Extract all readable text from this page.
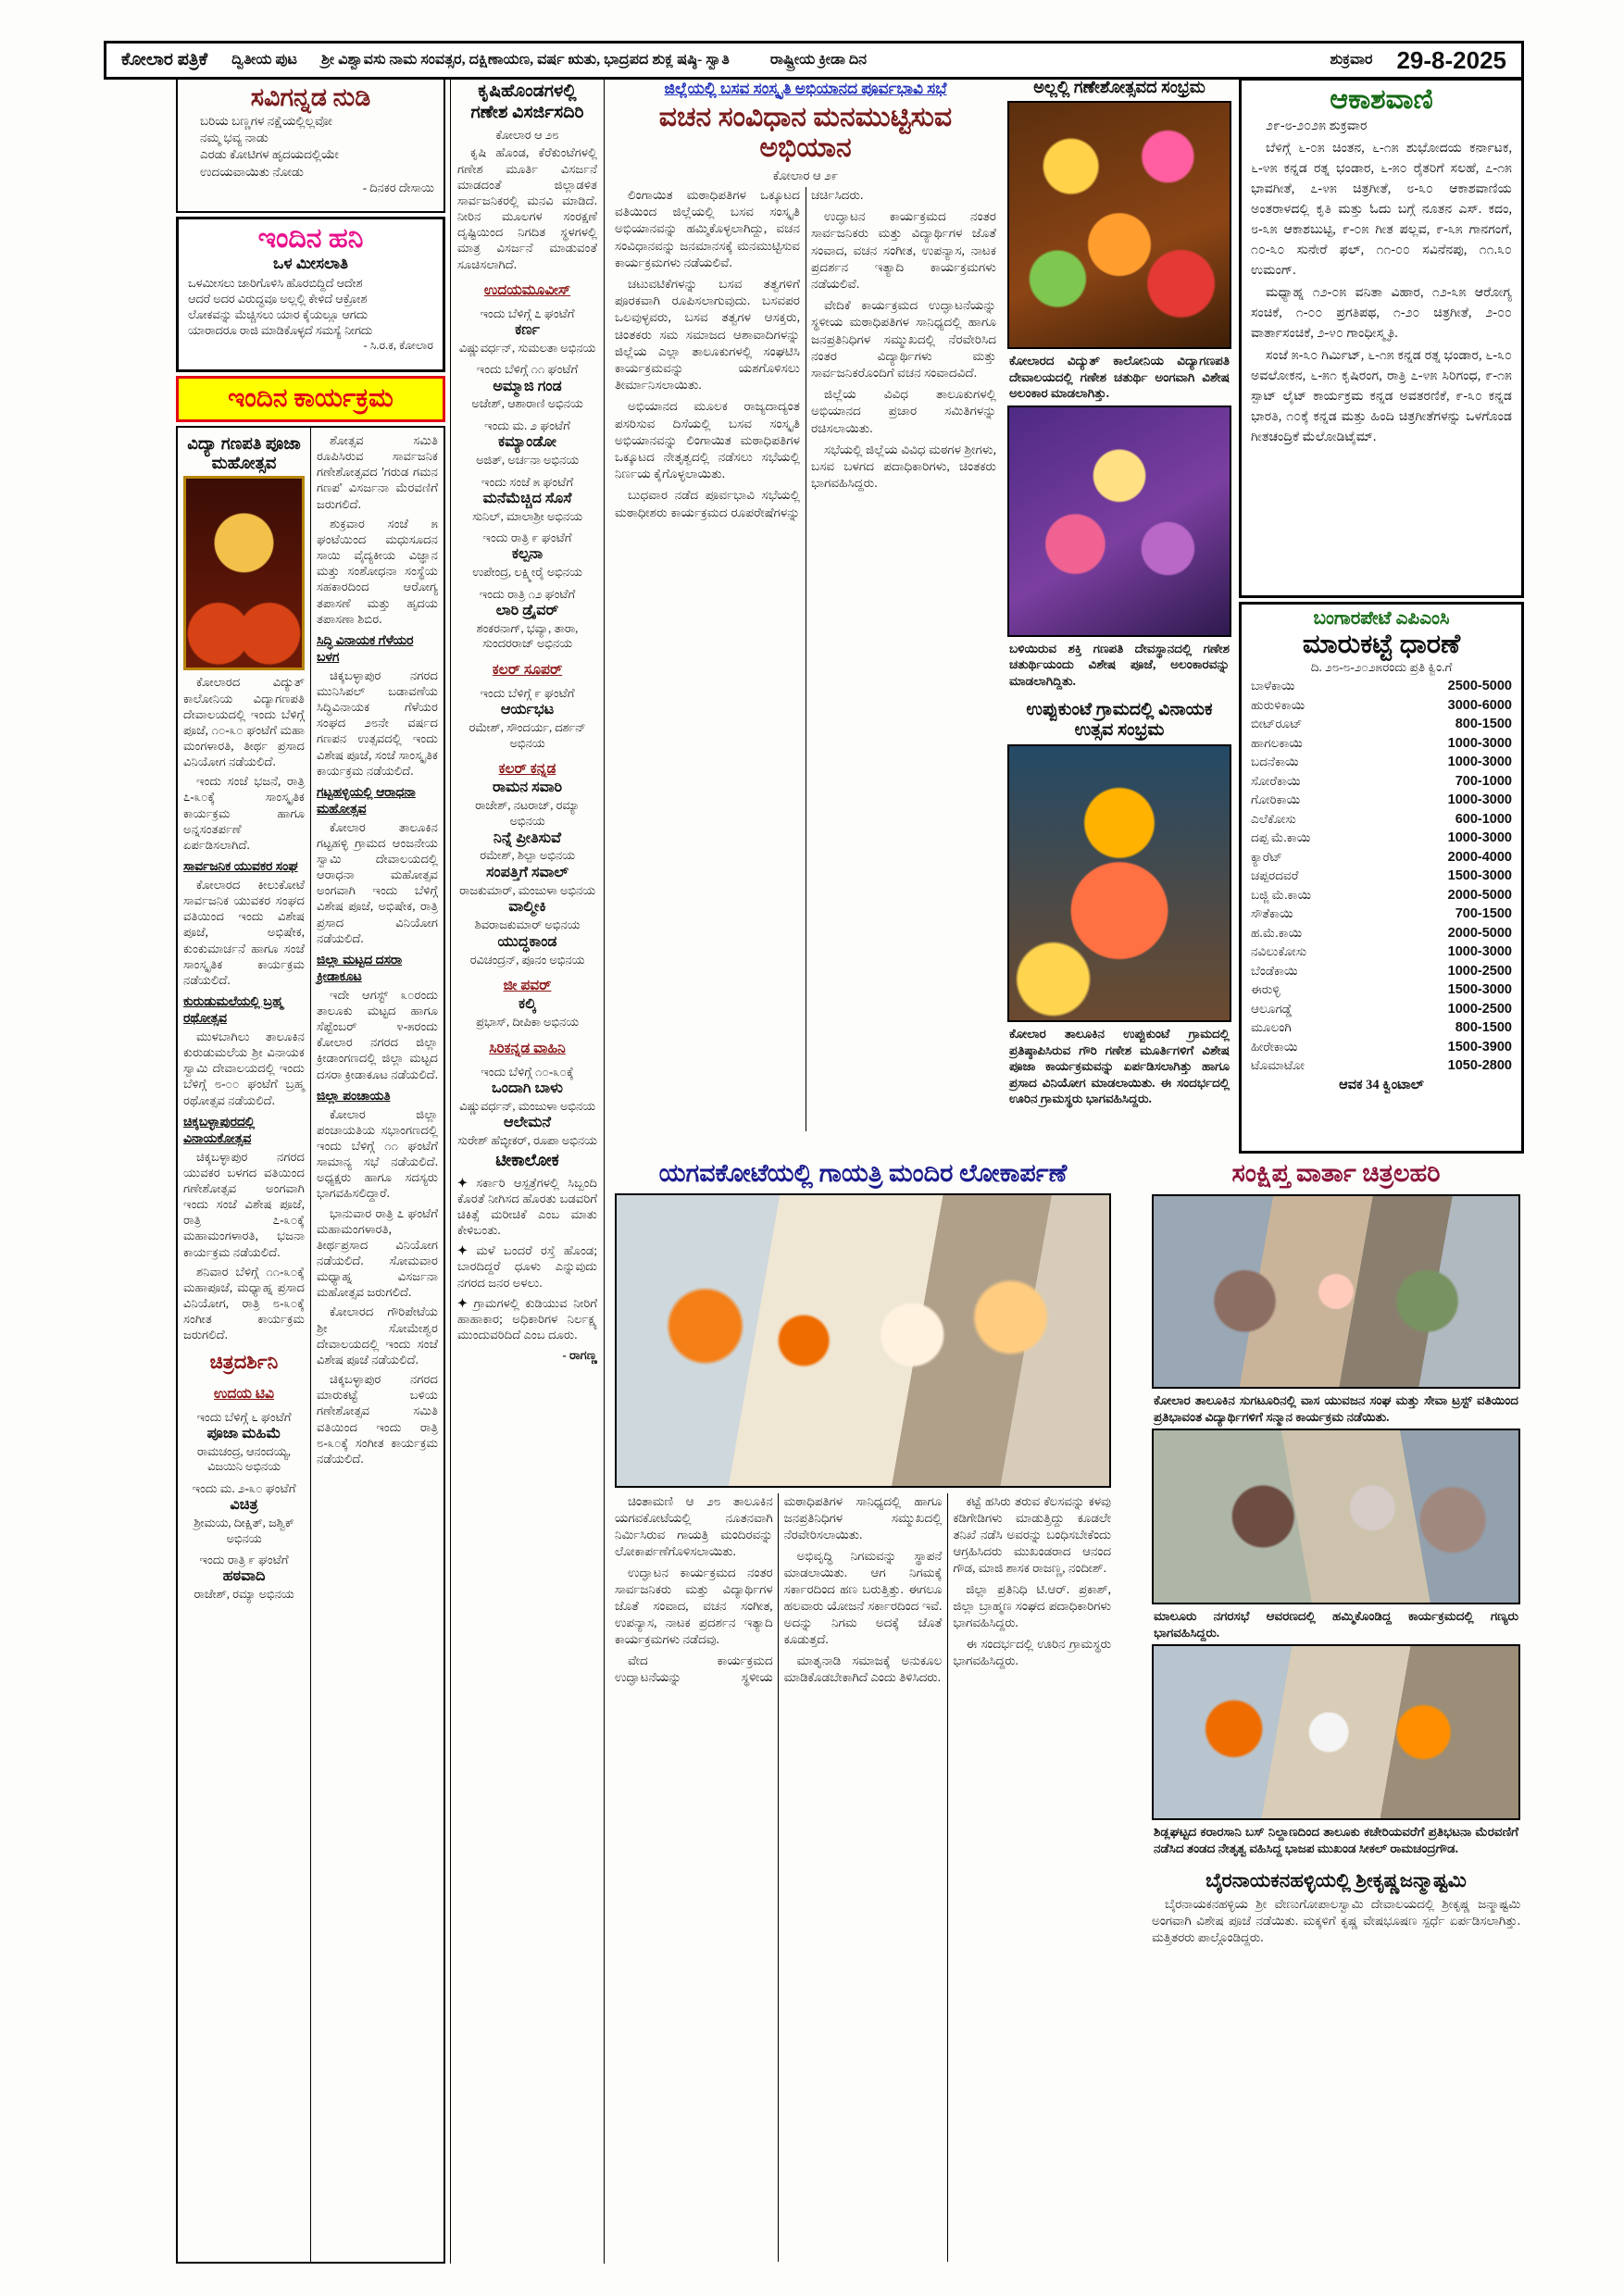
ಕೋಲಾರ ಪತ್ರಿಕೆ ದ್ವಿತೀಯ ಪುಟ ಶ್ರೀ ವಿಶ್ವಾವಸು ನಾಮ ಸಂವತ್ಸರ, ದಕ್ಷಿಣಾಯಣ, ವರ್ಷ ಋತು, ಭಾದ್ರಪದ ಶುಕ್ಲ ಷಷ್ಠಿ- ಸ್ವಾತಿ	ರಾಷ್ಟ್ರೀಯ ಕ್ರೀಡಾ ದಿನ	ಶುಕ್ರವಾರ 29-8-2025
ಸವಿಗನ್ನಡ ನುಡಿ
ಬರಿಯ ಬಣ್ಣಗಳ ನಕ್ಷೆಯಲ್ಲಿಲ್ಲವೋ
ನಮ್ಮ ಭವ್ಯ ನಾಡು
ಎರಡು ಕೋಟಿಗಳ ಹೃದಯದಲ್ಲಿಯೇ
ಉದಯವಾಯಿತು ನೋಡು
- ದಿನಕರ ದೇಸಾಯಿ
ಇಂದಿನ ಹನಿ
ಒಳ ಮೀಸಲಾತಿ
ಒಳಮೀಸಲು ಜಾರಿಗೊಳಿಸಿ ಹೊರಬಿದ್ದಿದೆ ಆದೇಶ
ಆದರೆ ಅದರ ವಿರುದ್ಧವೂ ಅಲ್ಲಲ್ಲಿ ಕೇಳಿದೆ ಆಕ್ರೋಶ
ಲೋಕವನ್ನು ಮೆಚ್ಚಿಸಲು ಯಾರ ಕೈಯಲ್ಲೂ ಆಗದು
ಯಾರಾದರೂ ರಾಜಿ ಮಾಡಿಕೊಳ್ಳದೆ ಸಮಸ್ಯೆ ನೀಗದು
- ಸಿ.ರ.ಕ, ಕೋಲಾರ
ಇಂದಿನ ಕಾರ್ಯಕ್ರಮ
ವಿದ್ಯಾ ಗಣಪತಿ ಪೂಜಾ ಮಹೋತ್ಸವ
ಕೋಲಾರದ ವಿದ್ಯುತ್ ಕಾಲೋನಿಯ ವಿದ್ಯಾಗಣಪತಿ ದೇವಾಲಯದಲ್ಲಿ ಇಂದು ಬೆಳಿಗ್ಗೆ ಪೂಜೆ, ೧೦-೩೦ ಘಂಟೆಗೆ ಮಹಾ ಮಂಗಳಾರತಿ, ತೀರ್ಥ ಪ್ರಸಾದ ವಿನಿಯೋಗ ನಡೆಯಲಿದೆ.
ಇಂದು ಸಂಜೆ ಭಜನೆ, ರಾತ್ರಿ ೭-೩೦ಕ್ಕೆ ಸಾಂಸ್ಕೃತಿಕ ಕಾರ್ಯಕ್ರಮ ಹಾಗೂ ಅನ್ನಸಂತರ್ಪಣೆ ಏರ್ಪಡಿಸಲಾಗಿದೆ.
ಸಾರ್ವಜನಿಕ ಯುವಕರ ಸಂಘ
ಕೋಲಾರದ ಕೀಲುಕೋಟೆ ಸಾರ್ವಜನಿಕ ಯುವಕರ ಸಂಘದ ವತಿಯಿಂದ ಇಂದು ವಿಶೇಷ ಪೂಜೆ, ಅಭಿಷೇಕ, ಕುಂಕುಮಾರ್ಚನೆ ಹಾಗೂ ಸಂಜೆ ಸಾಂಸ್ಕೃತಿಕ ಕಾರ್ಯಕ್ರಮ ನಡೆಯಲಿದೆ.
ಕುರುಡುಮಲೆಯಲ್ಲಿ ಬ್ರಹ್ಮ ರಥೋತ್ಸವ
ಮುಳಬಾಗಿಲು ತಾಲೂಕಿನ ಕುರುಡುಮಲೆಯ ಶ್ರೀ ವಿನಾಯಕ ಸ್ವಾಮಿ ದೇವಾಲಯದಲ್ಲಿ ಇಂದು ಬೆಳಿಗ್ಗೆ ೮-೦೦ ಘಂಟೆಗೆ ಬ್ರಹ್ಮ ರಥೋತ್ಸವ ನಡೆಯಲಿದೆ.
ಚಿಕ್ಕಬಳ್ಳಾಪುರದಲ್ಲಿ ವಿನಾಯಕೋತ್ಸವ
ಚಿಕ್ಕಬಳ್ಳಾಪುರ ನಗರದ ಯುವಕರ ಬಳಗದ ವತಿಯಿಂದ ಗಣೇಶೋತ್ಸವ ಅಂಗವಾಗಿ ಇಂದು ಸಂಜೆ ವಿಶೇಷ ಪೂಜೆ, ರಾತ್ರಿ ೭-೩೦ಕ್ಕೆ ಮಹಾಮಂಗಳಾರತಿ, ಭಜನಾ ಕಾರ್ಯಕ್ರಮ ನಡೆಯಲಿದೆ.
ಶನಿವಾರ ಬೆಳಿಗ್ಗೆ ೧೧-೩೦ಕ್ಕೆ ಮಹಾಪೂಜೆ, ಮಧ್ಯಾಹ್ನ ಪ್ರಸಾದ ವಿನಿಯೋಗ, ರಾತ್ರಿ ೮-೩೦ಕ್ಕೆ ಸಂಗೀತ ಕಾರ್ಯಕ್ರಮ ಜರುಗಲಿದೆ.
ಚಿತ್ರದರ್ಶಿನಿ
ಉದಯ ಟಿವಿ
ಇಂದು ಬೆಳಿಗ್ಗೆ ೬ ಘಂಟೆಗೆ
ಪೂಜಾ ಮಹಿಮೆ
ರಾಮಚಂದ್ರ, ಆನಂದಯ್ಯ, ವಿಜಯಿನಿ ಅಭಿನಯ
ಇಂದು ಮ. ೨-೩೦ ಘಂಟೆಗೆ
ವಿಚಿತ್ರ
ಶ್ರೀಮಯ, ದೀಕ್ಷಿತ್, ಜಶ್ವಿಕ್ ಅಭಿನಯ
ಇಂದು ರಾತ್ರಿ ೯ ಘಂಟೆಗೆ
ಹಠವಾದಿ
ರಾಜೇಶ್, ರಮ್ಯಾ ಅಭಿನಯ
ಶೋತ್ಸವ ಸಮಿತಿ ರೂಪಿಸಿರುವ ಸಾರ್ವಜನಿಕ ಗಣೇಶೋತ್ಸವದ 'ಗರುಡ ಗಮನ ಗಣಪ' ವಿಸರ್ಜನಾ ಮೆರವಣಿಗೆ ಜರುಗಲಿದೆ.
ಶುಕ್ರವಾರ ಸಂಜೆ ೫ ಘಂಟೆಯಿಂದ ಮಧುಸೂದನ ಸಾಯಿ ವೈದ್ಯಕೀಯ ವಿಜ್ಞಾನ ಮತ್ತು ಸಂಶೋಧನಾ ಸಂಸ್ಥೆಯ ಸಹಕಾರದಿಂದ ಆರೋಗ್ಯ ತಪಾಸಣೆ ಮತ್ತು ಹೃದಯ ತಪಾಸಣಾ ಶಿಬಿರ.
ಸಿದ್ಧಿ ವಿನಾಯಕ ಗೆಳೆಯರ ಬಳಗ
ಚಿಕ್ಕಬಳ್ಳಾಪುರ ನಗರದ ಮುನಿಸಿಪಲ್ ಬಡಾವಣೆಯ ಸಿದ್ಧಿವಿನಾಯಕ ಗೆಳೆಯರ ಸಂಘದ ೨೮ನೇ ವರ್ಷದ ಗಣಪನ ಉತ್ಸವದಲ್ಲಿ ಇಂದು ವಿಶೇಷ ಪೂಜೆ, ಸಂಜೆ ಸಾಂಸ್ಕೃತಿಕ ಕಾರ್ಯಕ್ರಮ ನಡೆಯಲಿದೆ.
ಗಟ್ಟಹಳ್ಳಿಯಲ್ಲಿ ಆರಾಧನಾ ಮಹೋತ್ಸವ
ಕೋಲಾರ ತಾಲೂಕಿನ ಗಟ್ಟಹಳ್ಳಿ ಗ್ರಾಮದ ಆಂಜನೇಯ ಸ್ವಾಮಿ ದೇವಾಲಯದಲ್ಲಿ ಆರಾಧನಾ ಮಹೋತ್ಸವ ಅಂಗವಾಗಿ ಇಂದು ಬೆಳಿಗ್ಗೆ ವಿಶೇಷ ಪೂಜೆ, ಅಭಿಷೇಕ, ರಾತ್ರಿ ಪ್ರಸಾದ ವಿನಿಯೋಗ ನಡೆಯಲಿದೆ.
ಜಿಲ್ಲಾ ಮಟ್ಟದ ದಸರಾ ಕ್ರೀಡಾಕೂಟ
ಇದೇ ಆಗಸ್ಟ್ ೩೦ರಂದು ತಾಲೂಕು ಮಟ್ಟದ ಹಾಗೂ ಸೆಪ್ಟೆಂಬರ್ ೪-೫ರಂದು ಕೋಲಾರ ನಗರದ ಜಿಲ್ಲಾ ಕ್ರೀಡಾಂಗಣದಲ್ಲಿ ಜಿಲ್ಲಾ ಮಟ್ಟದ ದಸರಾ ಕ್ರೀಡಾಕೂಟ ನಡೆಯಲಿದೆ.
ಜಿಲ್ಲಾ ಪಂಚಾಯತಿ
ಕೋಲಾರ ಜಿಲ್ಲಾ ಪಂಚಾಯತಿಯ ಸಭಾಂಗಣದಲ್ಲಿ ಇಂದು ಬೆಳಿಗ್ಗೆ ೧೧ ಘಂಟೆಗೆ ಸಾಮಾನ್ಯ ಸಭೆ ನಡೆಯಲಿದೆ. ಅಧ್ಯಕ್ಷರು ಹಾಗೂ ಸದಸ್ಯರು ಭಾಗವಹಿಸಲಿದ್ದಾರೆ.
ಭಾನುವಾರ ರಾತ್ರಿ ೭ ಘಂಟೆಗೆ ಮಹಾಮಂಗಳಾರತಿ, ತೀರ್ಥಪ್ರಸಾದ ವಿನಿಯೋಗ ನಡೆಯಲಿದೆ. ಸೋಮವಾರ ಮಧ್ಯಾಹ್ನ ವಿಸರ್ಜನಾ ಮಹೋತ್ಸವ ಜರುಗಲಿದೆ.
ಕೋಲಾರದ ಗೌರಿಪೇಟೆಯ ಶ್ರೀ ಸೋಮೇಶ್ವರ ದೇವಾಲಯದಲ್ಲಿ ಇಂದು ಸಂಜೆ ವಿಶೇಷ ಪೂಜೆ ನಡೆಯಲಿದೆ.
ಚಿಕ್ಕಬಳ್ಳಾಪುರ ನಗರದ ಮಾರುಕಟ್ಟೆ ಬಳಿಯ ಗಣೇಶೋತ್ಸವ ಸಮಿತಿ ವತಿಯಿಂದ ಇಂದು ರಾತ್ರಿ ೮-೩೦ಕ್ಕೆ ಸಂಗೀತ ಕಾರ್ಯಕ್ರಮ ನಡೆಯಲಿದೆ.
ಕೃಷಿಹೊಂಡಗಳಲ್ಲಿ ಗಣೇಶ ವಿಸರ್ಜಿಸದಿರಿ
ಕೋಲಾರ ಆ ೨೮
ಕೃಷಿ ಹೊಂಡ, ಕೆರೆಕುಂಟೆಗಳಲ್ಲಿ ಗಣೇಶ ಮೂರ್ತಿ ವಿಸರ್ಜನೆ ಮಾಡದಂತೆ ಜಿಲ್ಲಾಡಳಿತ ಸಾರ್ವಜನಿಕರಲ್ಲಿ ಮನವಿ ಮಾಡಿದೆ. ನೀರಿನ ಮೂಲಗಳ ಸಂರಕ್ಷಣೆ ದೃಷ್ಟಿಯಿಂದ ನಿಗದಿತ ಸ್ಥಳಗಳಲ್ಲಿ ಮಾತ್ರ ವಿಸರ್ಜನೆ ಮಾಡುವಂತೆ ಸೂಚಿಸಲಾಗಿದೆ.
ಉದಯಮೂವೀಸ್
ಇಂದು ಬೆಳಿಗ್ಗೆ ೭ ಘಂಟೆಗೆ
ಕರ್ಣ
ವಿಷ್ಣುವರ್ಧನ್, ಸುಮಲತಾ ಅಭಿನಯ
ಇಂದು ಬೆಳಿಗ್ಗೆ ೧೧ ಘಂಟೆಗೆ
ಅಮ್ಮಾಜಿ ಗಂಡ
ಅಜೇಶ್, ಆಶಾರಾಣಿ ಅಭಿನಯ
ಇಂದು ಮ. ೨ ಘಂಟೆಗೆ
ಕಮ್ಯಾಂಡೋ
ಅಜಿತ್, ಅರ್ಚನಾ ಅಭಿನಯ
ಇಂದು ಸಂಜೆ ೫ ಘಂಟೆಗೆ
ಮನೆಮೆಚ್ಚಿದ ಸೊಸೆ
ಸುನಿಲ್, ಮಾಲಾಶ್ರೀ ಅಭಿನಯ
ಇಂದು ರಾತ್ರಿ ೯ ಘಂಟೆಗೆ
ಕಲ್ಪನಾ
ಉಪೇಂದ್ರ, ಲಕ್ಷ್ಮೀರೈ ಅಭಿನಯ
ಇಂದು ರಾತ್ರಿ ೧೨ ಘಂಟೆಗೆ
ಲಾರಿ ಡ್ರೈವರ್
ಶಂಕರನಾಗ್, ಭವ್ಯಾ, ತಾರಾ, ಸುಂದರರಾಜ್ ಅಭಿನಯ
ಕಲರ್ ಸೂಪರ್
ಇಂದು ಬೆಳಿಗ್ಗೆ ೯ ಘಂಟೆಗೆ
ಆರ್ಯಭಟ
ರಮೇಶ್, ಸೌಂದರ್ಯ, ದರ್ಶನ್ ಅಭಿನಯ
ಕಲರ್ ಕನ್ನಡ
ರಾಮನ ಸವಾರಿ
ರಾಜೇಶ್, ನಟರಾಜ್, ರಮ್ಯಾ ಅಭಿನಯ
ನಿನ್ನೆ ಪ್ರೀತಿಸುವೆ
ರಮೇಶ್, ಶಿಲ್ಪಾ ಅಭಿನಯ
ಸಂಪತ್ತಿಗೆ ಸವಾಲ್
ರಾಜಕುಮಾರ್, ಮಂಜುಳಾ ಅಭಿನಯ
ವಾಲ್ಮೀಕಿ
ಶಿವರಾಜಕುಮಾರ್ ಅಭಿನಯ
ಯುದ್ಧಕಾಂಡ
ರವಿಚಂದ್ರನ್, ಪೂನಂ ಅಭಿನಯ
ಜೀ ಪವರ್
ಕಲ್ಕಿ
ಪ್ರಭಾಸ್, ದೀಪಿಕಾ ಅಭಿನಯ
ಸಿರಿಕನ್ನಡ ವಾಹಿನಿ
ಇಂದು ಬೆಳಿಗ್ಗೆ ೧೦-೩೦ಕ್ಕೆ
ಒಂದಾಗಿ ಬಾಳು
ವಿಷ್ಣುವರ್ಧನ್, ಮಂಜುಳಾ ಅಭಿನಯ
ಆಲೇಮನೆ
ಸುರೇಶ್ ಹೆಬ್ಳೀಕರ್, ರೂಪಾ ಅಭಿನಯ
ಟೀಕಾಲೋಕ
✦ ಸರ್ಕಾರಿ ಆಸ್ಪತ್ರೆಗಳಲ್ಲಿ ಸಿಬ್ಬಂದಿ ಕೊರತೆ ನೀಗಿಸದ ಹೊರತು ಬಡವರಿಗೆ ಚಿಕಿತ್ಸೆ ಮರೀಚಿಕೆ ಎಂಬ ಮಾತು ಕೇಳಿಬಂತು.
✦ ಮಳೆ ಬಂದರೆ ರಸ್ತೆ ಹೊಂಡ; ಬಾರದಿದ್ದರೆ ಧೂಳು ಎನ್ನುವುದು ನಗರದ ಜನರ ಅಳಲು.
✦ ಗ್ರಾಮಗಳಲ್ಲಿ ಕುಡಿಯುವ ನೀರಿಗೆ ಹಾಹಾಕಾರ; ಅಧಿಕಾರಿಗಳ ನಿರ್ಲಕ್ಷ್ಯ ಮುಂದುವರಿದಿದೆ ಎಂಬ ದೂರು.
- ರಾಗಣ್ಣ
ಜಿಲ್ಲೆಯಲ್ಲಿ ಬಸವ ಸಂಸ್ಕೃತಿ ಅಭಿಯಾನದ ಪೂರ್ವಭಾವಿ ಸಭೆ
ವಚನ ಸಂವಿಧಾನ ಮನಮುಟ್ಟಿಸುವ ಅಭಿಯಾನ
ಕೋಲಾರ ಆ ೨೯

ಲಿಂಗಾಯಿತ ಮಠಾಧಿಪತಿಗಳ ಒಕ್ಕೂಟದ ವತಿಯಿಂದ ಜಿಲ್ಲೆಯಲ್ಲಿ ಬಸವ ಸಂಸ್ಕೃತಿ ಅಭಿಯಾನವನ್ನು ಹಮ್ಮಿಕೊಳ್ಳಲಾಗಿದ್ದು, ವಚನ ಸಂವಿಧಾನವನ್ನು ಜನಮಾನಸಕ್ಕೆ ಮನಮುಟ್ಟಿಸುವ ಕಾರ್ಯಕ್ರಮಗಳು ನಡೆಯಲಿವೆ.

ಚಟುವಟಿಕೆಗಳನ್ನು ಬಸವ ತತ್ವಗಳಿಗೆ ಪೂರಕವಾಗಿ ರೂಪಿಸಲಾಗುವುದು. ಬಸವಪರ ಒಲವುಳ್ಳವರು, ಬಸವ ತತ್ವಗಳ ಆಸಕ್ತರು, ಚಿಂತಕರು ಸಮ ಸಮಾಜದ ಆಶಾವಾದಿಗಳನ್ನು ಜಿಲ್ಲೆಯ ಎಲ್ಲಾ ತಾಲೂಕುಗಳಲ್ಲಿ ಸಂಘಟಿಸಿ ಕಾರ್ಯಕ್ರಮವನ್ನು ಯಶಗೊಳಿಸಲು ತೀರ್ಮಾನಿಸಲಾಯಿತು.

ಅಭಿಯಾನದ ಮೂಲಕ ರಾಜ್ಯದಾದ್ಯಂತ ಪಸರಿಸುವ ದಿಸೆಯಲ್ಲಿ ಬಸವ ಸಂಸ್ಕೃತಿ ಅಭಿಯಾನವನ್ನು ಲಿಂಗಾಯಿತ ಮಠಾಧಿಪತಿಗಳ ಒಕ್ಕೂಟದ ನೇತೃತ್ವದಲ್ಲಿ ನಡೆಸಲು ಸಭೆಯಲ್ಲಿ ನಿರ್ಣಯ ಕೈಗೊಳ್ಳಲಾಯಿತು.

ಬುಧವಾರ ನಡೆದ ಪೂರ್ವಭಾವಿ ಸಭೆಯಲ್ಲಿ ಮಠಾಧೀಶರು ಕಾರ್ಯಕ್ರಮದ ರೂಪರೇಷೆಗಳನ್ನು ಚರ್ಚಿಸಿದರು.

ಉದ್ಘಾಟನ ಕಾರ್ಯಕ್ರಮದ ನಂತರ ಸಾರ್ವಜನಿಕರು ಮತ್ತು ವಿದ್ಯಾರ್ಥಿಗಳ ಜೊತೆ ಸಂವಾದ, ವಚನ ಸಂಗೀತ, ಉಪನ್ಯಾಸ, ನಾಟಕ ಪ್ರದರ್ಶನ ಇತ್ಯಾದಿ ಕಾರ್ಯಕ್ರಮಗಳು ನಡೆಯಲಿವೆ.

ವೇದಿಕೆ ಕಾರ್ಯಕ್ರಮದ ಉದ್ಘಾಟನೆಯನ್ನು ಸ್ಥಳೀಯ ಮಠಾಧಿಪತಿಗಳ ಸಾನಿಧ್ಯದಲ್ಲಿ ಹಾಗೂ ಜನಪ್ರತಿನಿಧಿಗಳ ಸಮ್ಮುಖದಲ್ಲಿ ನೆರವೇರಿಸಿದ ನಂತರ ವಿದ್ಯಾರ್ಥಿಗಳು ಮತ್ತು ಸಾರ್ವಜನಿಕರೊಂದಿಗೆ ವಚನ ಸಂವಾದವಿದೆ.

ಜಿಲ್ಲೆಯ ವಿವಿಧ ತಾಲೂಕುಗಳಲ್ಲಿ ಅಭಿಯಾನದ ಪ್ರಚಾರ ಸಮಿತಿಗಳನ್ನು ರಚಿಸಲಾಯಿತು.

ಸಭೆಯಲ್ಲಿ ಜಿಲ್ಲೆಯ ವಿವಿಧ ಮಠಗಳ ಶ್ರೀಗಳು, ಬಸವ ಬಳಗದ ಪದಾಧಿಕಾರಿಗಳು, ಚಿಂತಕರು ಭಾಗವಹಿಸಿದ್ದರು.

ಅಲ್ಲಲ್ಲಿ ಗಣೇಶೋತ್ಸವದ ಸಂಭ್ರಮ
ಕೋಲಾರದ ವಿದ್ಯುತ್ ಕಾಲೋನಿಯ ವಿದ್ಯಾಗಣಪತಿ ದೇವಾಲಯದಲ್ಲಿ ಗಣೇಶ ಚತುರ್ಥಿ ಅಂಗವಾಗಿ ವಿಶೇಷ ಅಲಂಕಾರ ಮಾಡಲಾಗಿತ್ತು.
ಬಳಿಯಿರುವ ಶಕ್ತಿ ಗಣಪತಿ ದೇವಸ್ಥಾನದಲ್ಲಿ ಗಣೇಶ ಚತುರ್ಥಿಯಂದು ವಿಶೇಷ ಪೂಜೆ, ಅಲಂಕಾರವನ್ನು ಮಾಡಲಾಗಿದ್ದಿತು.
ಉಪ್ಪುಕುಂಟೆ ಗ್ರಾಮದಲ್ಲಿ ವಿನಾಯಕ ಉತ್ಸವ ಸಂಭ್ರಮ
ಕೋಲಾರ ತಾಲೂಕಿನ ಉಪ್ಪುಕುಂಟೆ ಗ್ರಾಮದಲ್ಲಿ ಪ್ರತಿಷ್ಠಾಪಿಸಿರುವ ಗೌರಿ ಗಣೇಶ ಮೂರ್ತಿಗಳಿಗೆ ವಿಶೇಷ ಪೂಜಾ ಕಾರ್ಯಕ್ರಮವನ್ನು ಏರ್ಪಡಿಸಲಾಗಿತ್ತು ಹಾಗೂ ಪ್ರಸಾದ ವಿನಿಯೋಗ ಮಾಡಲಾಯಿತು. ಈ ಸಂದರ್ಭದಲ್ಲಿ ಊರಿನ ಗ್ರಾಮಸ್ಥರು ಭಾಗವಹಿಸಿದ್ದರು.
ಆಕಾಶವಾಣಿ

೨೯-೮-೨೦೨೫ ಶುಕ್ರವಾರ

ಬೆಳಿಗ್ಗೆ ೬-೦೫ ಚಿಂತನ, ೬-೧೫ ಶುಭೋದಯ ಕರ್ನಾಟಕ, ೬-೪೫ ಕನ್ನಡ ರತ್ನ ಭಂಡಾರ, ೬-೫೦ ರೈತರಿಗೆ ಸಲಹೆ, ೭-೧೫ ಭಾವಗೀತೆ, ೭-೪೫ ಚಿತ್ರಗೀತೆ, ೮-೩೦ ಆಕಾಶವಾಣಿಯ ಅಂತರಾಳದಲ್ಲಿ ಕೃತಿ ಮತ್ತು ಓದು ಬಗ್ಗೆ ನೂತನ ಎಸ್. ಕದಂ, ೮-೩೫ ಆಕಾಶಬುಟ್ಟಿ, ೯-೦೫ ಗೀತ ಪಲ್ಲವ, ೯-೩೫ ಗಾನಗಂಗೆ, ೧೦-೩೦ ಸುನೇರೆ ಫಲ್, ೧೧-೦೦ ಸವಿನೆನಪು, ೧೧.೩೦ ಉಮಂಗ್.

ಮಧ್ಯಾಹ್ನ ೧೨-೦೫ ವನಿತಾ ವಿಹಾರ, ೧೨-೩೫ ಆರೋಗ್ಯ ಸಂಚಿಕೆ, ೧-೦೦ ಪ್ರಗತಿಪಥ, ೧-೨೦ ಚಿತ್ರಗೀತೆ, ೨-೦೦ ವಾರ್ತಾಸಂಚಿಕೆ, ೨-೪೦ ಗಾಂಧೀಸ್ಮೃತಿ.

ಸಂಜೆ ೫-೩೦ ಗಿರ್ಮಿಟ್, ೬-೧೫ ಕನ್ನಡ ರತ್ನ ಭಂಡಾರ, ೬-೩೦ ಅವಲೋಕನ, ೬-೫೧ ಕೃಷಿರಂಗ, ರಾತ್ರಿ ೭-೪೫ ಸಿರಿಗಂಧ, ೯-೧೫ ಸ್ಪಾಟ್ ಲೈಟ್ ಕಾರ್ಯಕ್ರಮ ಕನ್ನಡ ಅವತರಣಿಕೆ, ೯-೩೦ ಕನ್ನಡ ಭಾರತಿ, ೧೦ಕ್ಕೆ ಕನ್ನಡ ಮತ್ತು ಹಿಂದಿ ಚಿತ್ರಗೀತೆಗಳನ್ನು ಒಳಗೊಂಡ ಗೀತಚಂದ್ರಿಕೆ ಮೆಲೋಡಿಟೈಮ್.

ಬಂಗಾರಪೇಟೆ ಎಪಿಎಂಸಿ
ಮಾರುಕಟ್ಟೆ ಧಾರಣೆ
ದಿ. ೨೮-೮-೨೦೨೫ರಂದು ಪ್ರತಿ ಕ್ವಿಂ.ಗೆ
ಬಾಳೆಕಾಯಿ	2500-5000
ಹುರುಳಿಕಾಯಿ	3000-6000
ಬೀಟ್‌ರೂಟ್	800-1500
ಹಾಗಲಕಾಯಿ	1000-3000
ಬದನೆಕಾಯಿ	1000-3000
ಸೋರೆಕಾಯಿ	700-1000
ಗೋರಿಕಾಯಿ	1000-3000
ಎಲೆಕೋಸು	600-1000
ದಪ್ಪ ಮೆ.ಕಾಯಿ	1000-3000
ಕ್ಯಾರೆಟ್	2000-4000
ಚಪ್ಪರದವರೆ	1500-3000
ಬಜ್ಜಿ ಮೆ.ಕಾಯಿ	2000-5000
ಸೌತೆಕಾಯಿ	700-1500
ಹ.ಮೆ.ಕಾಯಿ	2000-5000
ನವಿಲುಕೋಸು	1000-3000
ಬೆಂಡೆಕಾಯಿ	1000-2500
ಈರುಳ್ಳಿ	1500-3000
ಆಲೂಗಡ್ಡೆ	1000-2500
ಮೂಲಂಗಿ	800-1500
ಹೀರೇಕಾಯಿ	1500-3900
ಟೊಮಾಟೋ	1050-2800
ಆವಕ 34 ಕ್ವಿಂಟಾಲ್
ಯಗವಕೋಟೆಯಲ್ಲಿ ಗಾಯತ್ರಿ ಮಂದಿರ ಲೋಕಾರ್ಪಣೆ

ಚಿಂತಾಮಣಿ ಆ ೨೮ ತಾಲೂಕಿನ ಯಗವಕೋಟೆಯಲ್ಲಿ ನೂತನವಾಗಿ ನಿರ್ಮಿಸಿರುವ ಗಾಯತ್ರಿ ಮಂದಿರವನ್ನು ಲೋಕಾರ್ಪಣೆಗೊಳಿಸಲಾಯಿತು.

ಉದ್ಘಾಟನ ಕಾರ್ಯಕ್ರಮದ ನಂತರ ಸಾರ್ವಜನಿಕರು ಮತ್ತು ವಿದ್ಯಾರ್ಥಿಗಳ ಜೊತೆ ಸಂವಾದ, ವಚನ ಸಂಗೀತ, ಉಪನ್ಯಾಸ, ನಾಟಕ ಪ್ರದರ್ಶನ ಇತ್ಯಾದಿ ಕಾರ್ಯಕ್ರಮಗಳು ನಡೆದವು.

ವೇದ ಕಾರ್ಯಕ್ರಮದ ಉದ್ಘಾಟನೆಯನ್ನು ಸ್ಥಳೀಯ ಮಠಾಧಿಪತಿಗಳ ಸಾನಿಧ್ಯದಲ್ಲಿ ಹಾಗೂ ಜನಪ್ರತಿನಿಧಿಗಳ ಸಮ್ಮುಖದಲ್ಲಿ ನೆರವೇರಿಸಲಾಯಿತು.

ಅಭಿವೃದ್ಧಿ ನಿಗಮವನ್ನು ಸ್ಥಾಪನೆ ಮಾಡಲಾಯಿತು. ಆಗ ನಿಗಮಕ್ಕೆ ಸರ್ಕಾರದಿಂದ ಹಣ ಬರುತ್ತಿತ್ತು. ಈಗಲೂ ಹಲವಾರು ಯೋಜನೆ ಸರ್ಕಾರದಿಂದ ಇವೆ. ಅದನ್ನು ನಿಗಮ ಅದಕ್ಕೆ ಜೊತೆ ಕೂಡುತ್ತದೆ.

ಮಾತೃನಾಡಿ ಸಮಾಜಕ್ಕೆ ಅನುಕೂಲ ಮಾಡಿಕೊಡಬೇಕಾಗಿದೆ ಎಂದು ತಿಳಿಸಿದರು.

ಕಟ್ಟೆ ಹಸಿರು ತರುವ ಕೆಲಸವನ್ನು ಕಳವು ಕಡಿಗೇಡಿಗಳು ಮಾಡುತ್ತಿದ್ದು ಕೂಡಲೇ ತನಿಖೆ ನಡೆಸಿ ಅವರನ್ನು ಬಂಧಿಸಬೇಕೆಂದು ಆಗ್ರಹಿಸಿದರು ಮುಖಂಡರಾದ ಆನಂದ ಗೌಡ, ಮಾಜಿ ಶಾಸಕ ರಾಜಣ್ಣ, ನಂದೀಶ್.

ಜಿಲ್ಲಾ ಪ್ರತಿನಿಧಿ ಟಿ.ಆರ್. ಪ್ರಕಾಶ್, ಜಿಲ್ಲಾ ಬ್ರಾಹ್ಮಣ ಸಂಘದ ಪದಾಧಿಕಾರಿಗಳು ಭಾಗವಹಿಸಿದ್ದರು.

ಈ ಸಂದರ್ಭದಲ್ಲಿ ಊರಿನ ಗ್ರಾಮಸ್ಥರು ಭಾಗವಹಿಸಿದ್ದರು.

ಸಂಕ್ಷಿಪ್ತ ವಾರ್ತಾ ಚಿತ್ರಲಹರಿ
ಕೋಲಾರ ತಾಲೂಕಿನ ಸುಗಟೂರಿನಲ್ಲಿ ವಾಸ ಯುವಜನ ಸಂಘ ಮತ್ತು ಸೇವಾ ಟ್ರಸ್ಟ್ ವತಿಯಿಂದ ಪ್ರತಿಭಾವಂತ ವಿದ್ಯಾರ್ಥಿಗಳಿಗೆ ಸನ್ಮಾನ ಕಾರ್ಯಕ್ರಮ ನಡೆಯಿತು.
ಮಾಲೂರು ನಗರಸಭೆ ಆವರಣದಲ್ಲಿ ಹಮ್ಮಿಕೊಂಡಿದ್ದ ಕಾರ್ಯಕ್ರಮದಲ್ಲಿ ಗಣ್ಯರು ಭಾಗವಹಿಸಿದ್ದರು.
ಶಿಡ್ಲಘಟ್ಟದ ಕರಾರಸಾನಿ ಬಸ್ ನಿಲ್ದಾಣದಿಂದ ತಾಲೂಕು ಕಚೇರಿಯವರೆಗೆ ಪ್ರತಿಭಟನಾ ಮೆರವಣಿಗೆ ನಡೆಸಿದ ತಂಡದ ನೇತೃತ್ವ ವಹಿಸಿದ್ದ ಭಾಜಪ ಮುಖಂಡ ಸೀಕಲ್ ರಾಮಚಂದ್ರಗೌಡ.
ಬೈರನಾಯಕನಹಳ್ಳಿಯಲ್ಲಿ ಶ್ರೀಕೃಷ್ಣಜನ್ಮಾಷ್ಟಮಿ

ಬೈರನಾಯಕನಹಳ್ಳಿಯ ಶ್ರೀ ವೇಣುಗೋಪಾಲಸ್ವಾಮಿ ದೇವಾಲಯದಲ್ಲಿ ಶ್ರೀಕೃಷ್ಣ ಜನ್ಮಾಷ್ಟಮಿ ಅಂಗವಾಗಿ ವಿಶೇಷ ಪೂಜೆ ನಡೆಯಿತು. ಮಕ್ಕಳಿಗೆ ಕೃಷ್ಣ ವೇಷಭೂಷಣ ಸ್ಪರ್ಧೆ ಏರ್ಪಡಿಸಲಾಗಿತ್ತು. ಮತ್ತಿತರರು ಪಾಲ್ಗೊಂಡಿದ್ದರು.
